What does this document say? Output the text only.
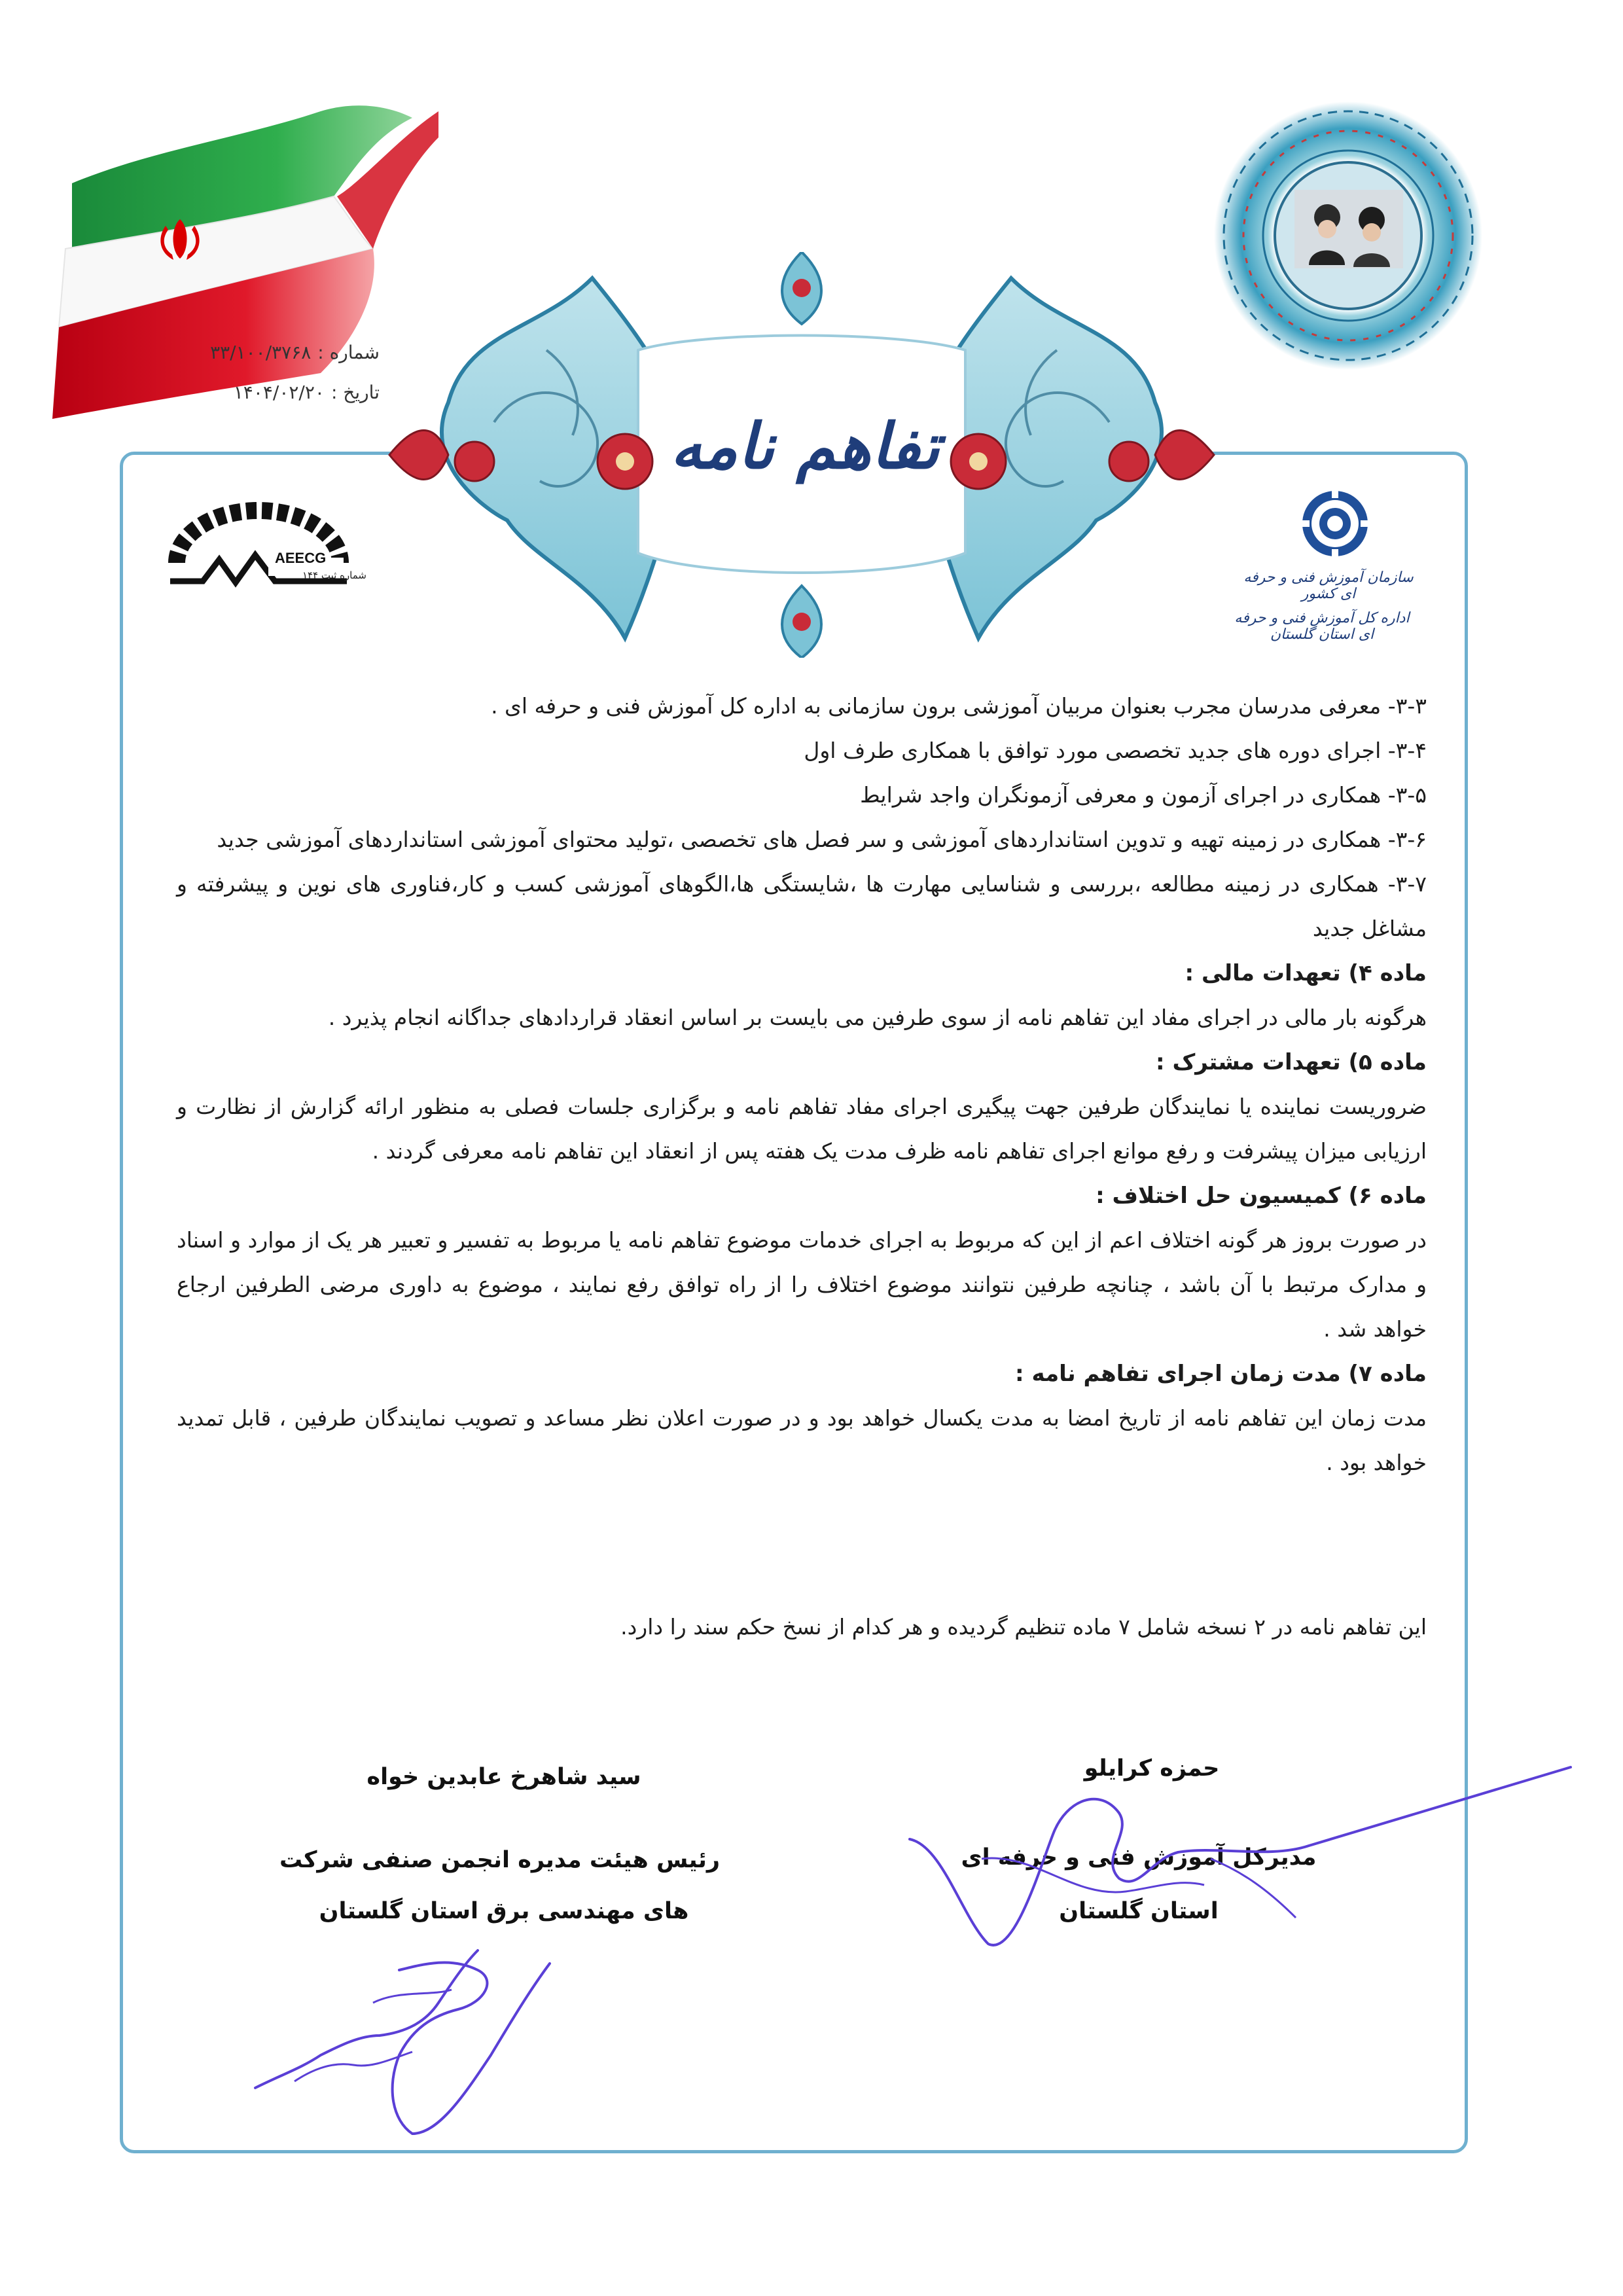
شماره :۳۳/۱۰۰/۳۷۶۸
تاریخ :۱۴۰۴/۰۲/۲۰
تفاهم نامه
AEECG
شماره ثبت ۱۴۴	سازمان آموزش فنی و حرفه ای کشور
اداره کل آموزش فنی و حرفه ای استان گلستان

۳-۳- معرفی مدرسان مجرب بعنوان مربیان آموزشی برون سازمانی به اداره کل آموزش فنی و حرفه ای .

۳-۴- اجرای دوره های جدید تخصصی مورد توافق با همکاری طرف اول

۳-۵- همکاری در اجرای آزمون و معرفی آزمونگران واجد شرایط

۳-۶- همکاری در زمینه تهیه و تدوین استانداردهای آموزشی و سر فصل های تخصصی ،تولید محتوای آموزشی استانداردهای آموزشی جدید

۳-۷- همکاری در زمینه مطالعه ،بررسی و شناسایی مهارت ها ،شایستگی ها،الگوهای آموزشی کسب و کار،فناوری های نوین و پیشرفته و مشاغل جدید

ماده ۴) تعهدات مالی :

هرگونه بار مالی در اجرای مفاد این تفاهم نامه از سوی طرفین می بایست بر اساس انعقاد قراردادهای جداگانه انجام پذیرد .

ماده ۵) تعهدات مشترک :

ضروریست نماینده یا نمایندگان طرفین جهت پیگیری اجرای مفاد تفاهم نامه و برگزاری جلسات فصلی به منظور ارائه گزارش از نظارت و ارزیابی میزان پیشرفت و رفع موانع اجرای تفاهم نامه ظرف مدت یک هفته پس از انعقاد این تفاهم نامه معرفی گردند .

ماده ۶) کمیسیون حل اختلاف :

در صورت بروز هر گونه اختلاف اعم از این که مربوط به اجرای خدمات موضوع تفاهم نامه یا مربوط به تفسیر و تعبیر هر یک از موارد و اسناد و مدارک مرتبط با آن باشد ، چنانچه طرفین نتوانند موضوع اختلاف را از راه توافق رفع نمایند ، موضوع به داوری مرضی الطرفین ارجاع خواهد شد .

ماده ۷) مدت زمان اجرای تفاهم نامه :

مدت زمان این تفاهم نامه از تاریخ امضا به مدت یکسال خواهد بود و در صورت اعلان نظر مساعد و تصویب نمایندگان طرفین ، قابل تمدید خواهد بود .

این تفاهم نامه در ۲ نسخه شامل ۷ ماده تنظیم گردیده و هر کدام از نسخ حکم سند را دارد.
حمزه کرایلو
مدیرکل آموزش فنی و حرفه ای
استان گلستان
سید شاهرخ عابدین خواه
رئیس هیئت مدیره انجمن صنفی شرکت
های مهندسی برق استان گلستان
